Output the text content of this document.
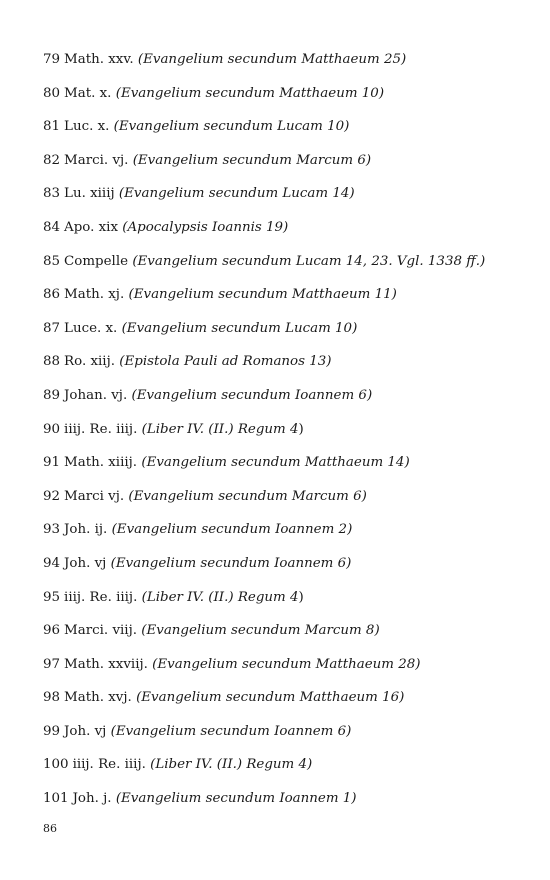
79 Math. xxv. (Evangelium secundum Matthaeum 25)
80 Mat. x. (Evangelium secundum Matthaeum 10)
81 Luc. x. (Evangelium secundum Lucam 10)
82 Marci. vj. (Evangelium secundum Marcum 6)
83 Lu. xiiij (Evangelium secundum Lucam 14)
84 Apo. xix (Apocalypsis Ioannis 19)
85 Compelle (Evangelium secundum Lucam 14, 23. Vgl. 1338 ff.)
86 Math. xj. (Evangelium secundum Matthaeum 11)
87 Luce. x. (Evangelium secundum Lucam 10)
88 Ro. xiij. (Epistola Pauli ad Romanos 13)
89 Johan. vj. (Evangelium secundum Ioannem 6)
90 iiij. Re. iiij. (Liber IV. (II.) Regum 4)
91 Math. xiiij. (Evangelium secundum Matthaeum 14)
92 Marci vj. (Evangelium secundum Marcum 6)
93 Joh. ij. (Evangelium secundum Ioannem 2)
94 Joh. vj (Evangelium secundum Ioannem 6)
95 iiij. Re. iiij. (Liber IV. (II.) Regum 4)
96 Marci. viij. (Evangelium secundum Marcum 8)
97 Math. xxviij. (Evangelium secundum Matthaeum 28)
98 Math. xvj. (Evangelium secundum Matthaeum 16)
99 Joh. vj (Evangelium secundum Ioannem 6)
100 iiij. Re. iiij. (Liber IV. (II.) Regum 4)
101 Joh. j. (Evangelium secundum Ioannem 1)
86
